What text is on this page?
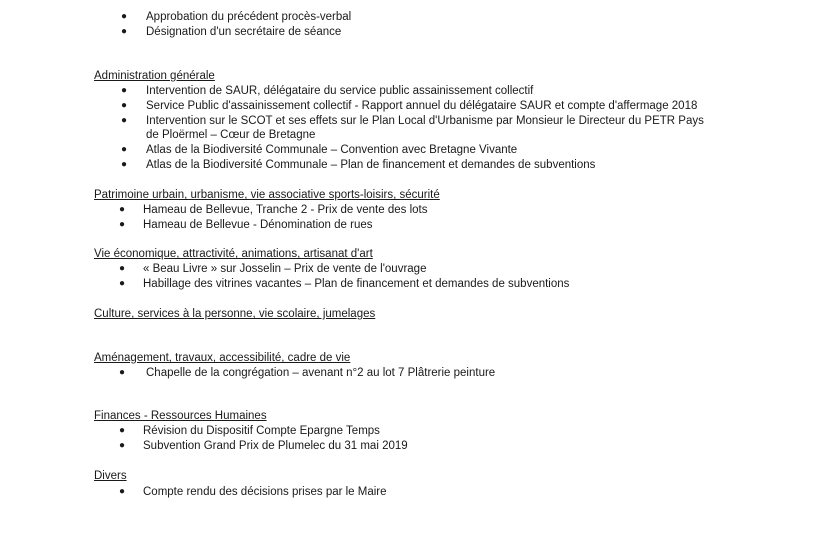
● Approbation du précédent procès-verbal
● Désignation d'un secrétaire de séance
Administration générale
● Intervention de SAUR, délégataire du service public assainissement collectif
● Service Public d'assainissement collectif - Rapport annuel du délégataire SAUR et compte d'affermage 2018
● Intervention sur le SCOT et ses effets sur le Plan Local d'Urbanisme par Monsieur le Directeur du PETR Pays
de Ploërmel – Cœur de Bretagne
● Atlas de la Biodiversité Communale – Convention avec Bretagne Vivante
● Atlas de la Biodiversité Communale – Plan de financement et demandes de subventions
Patrimoine urbain, urbanisme, vie associative sports-loisirs, sécurité
● Hameau de Bellevue, Tranche 2 - Prix de vente des lots
● Hameau de Bellevue - Dénomination de rues
Vie économique, attractivité, animations, artisanat d'art
● « Beau Livre » sur Josselin – Prix de vente de l'ouvrage
● Habillage des vitrines vacantes – Plan de financement et demandes de subventions
Culture, services à la personne, vie scolaire, jumelages
Aménagement, travaux, accessibilité, cadre de vie
● Chapelle de la congrégation – avenant n°2 au lot 7 Plâtrerie peinture
Finances - Ressources Humaines
● Révision du Dispositif Compte Epargne Temps
● Subvention Grand Prix de Plumelec du 31 mai 2019
Divers
● Compte rendu des décisions prises par le Maire
